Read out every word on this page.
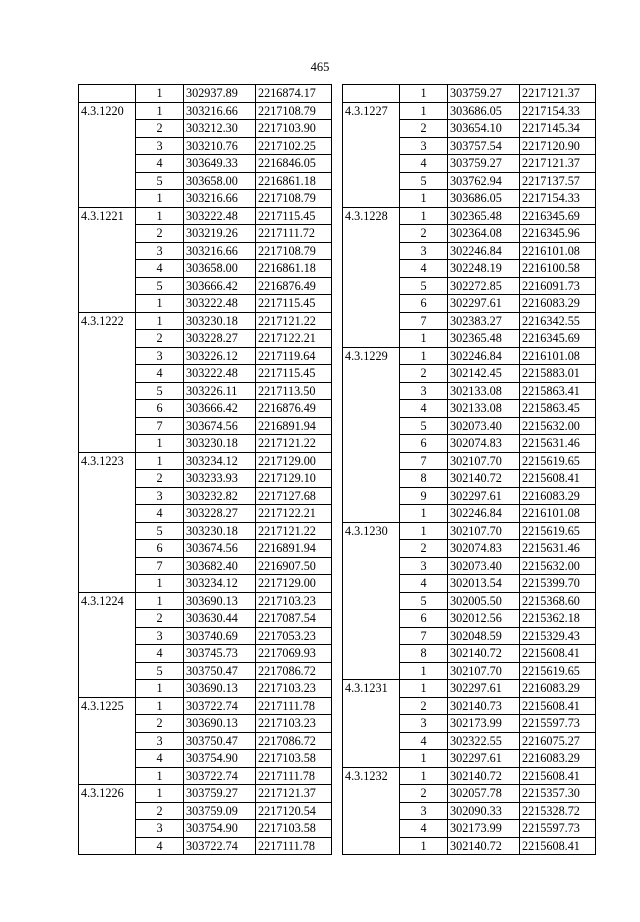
465
	1	302937.89	2216874.17
4.3.1220	1	303216.66	2217108.79
	2	303212.30	2217103.90
	3	303210.76	2217102.25
	4	303649.33	2216846.05
	5	303658.00	2216861.18
	1	303216.66	2217108.79
4.3.1221	1	303222.48	2217115.45
	2	303219.26	2217111.72
	3	303216.66	2217108.79
	4	303658.00	2216861.18
	5	303666.42	2216876.49
	1	303222.48	2217115.45
4.3.1222	1	303230.18	2217121.22
	2	303228.27	2217122.21
	3	303226.12	2217119.64
	4	303222.48	2217115.45
	5	303226.11	2217113.50
	6	303666.42	2216876.49
	7	303674.56	2216891.94
	1	303230.18	2217121.22
4.3.1223	1	303234.12	2217129.00
	2	303233.93	2217129.10
	3	303232.82	2217127.68
	4	303228.27	2217122.21
	5	303230.18	2217121.22
	6	303674.56	2216891.94
	7	303682.40	2216907.50
	1	303234.12	2217129.00
4.3.1224	1	303690.13	2217103.23
	2	303630.44	2217087.54
	3	303740.69	2217053.23
	4	303745.73	2217069.93
	5	303750.47	2217086.72
	1	303690.13	2217103.23
4.3.1225	1	303722.74	2217111.78
	2	303690.13	2217103.23
	3	303750.47	2217086.72
	4	303754.90	2217103.58
	1	303722.74	2217111.78
4.3.1226	1	303759.27	2217121.37
	2	303759.09	2217120.54
	3	303754.90	2217103.58
	4	303722.74	2217111.78
	1	303759.27	2217121.37
4.3.1227	1	303686.05	2217154.33
	2	303654.10	2217145.34
	3	303757.54	2217120.90
	4	303759.27	2217121.37
	5	303762.94	2217137.57
	1	303686.05	2217154.33
4.3.1228	1	302365.48	2216345.69
	2	302364.08	2216345.96
	3	302246.84	2216101.08
	4	302248.19	2216100.58
	5	302272.85	2216091.73
	6	302297.61	2216083.29
	7	302383.27	2216342.55
	1	302365.48	2216345.69
4.3.1229	1	302246.84	2216101.08
	2	302142.45	2215883.01
	3	302133.08	2215863.41
	4	302133.08	2215863.45
	5	302073.40	2215632.00
	6	302074.83	2215631.46
	7	302107.70	2215619.65
	8	302140.72	2215608.41
	9	302297.61	2216083.29
	1	302246.84	2216101.08
4.3.1230	1	302107.70	2215619.65
	2	302074.83	2215631.46
	3	302073.40	2215632.00
	4	302013.54	2215399.70
	5	302005.50	2215368.60
	6	302012.56	2215362.18
	7	302048.59	2215329.43
	8	302140.72	2215608.41
	1	302107.70	2215619.65
4.3.1231	1	302297.61	2216083.29
	2	302140.73	2215608.41
	3	302173.99	2215597.73
	4	302322.55	2216075.27
	1	302297.61	2216083.29
4.3.1232	1	302140.72	2215608.41
	2	302057.78	2215357.30
	3	302090.33	2215328.72
	4	302173.99	2215597.73
	1	302140.72	2215608.41
